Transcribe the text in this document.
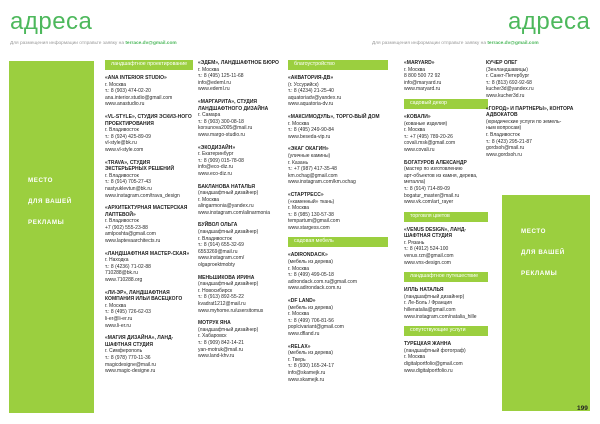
адреса	адреса
Для размещения информации отправьте заявку на terrace.dv@gmail.com	Для размещения информации отправьте заявку на terrace.dv@gmail.com
МЕСТО
ДЛЯ ВАШЕЙ
РЕКЛАМЫ
МЕСТО
ДЛЯ ВАШЕЙ
РЕКЛАМЫ
ландшафтное проектирование
«ANA INTERIOR STUDIO»
г. Москва
т.: 8 (903) 474-02-20
ana.interior.studio@gmail.com
www.anastudio.ru
«VL-STYLE», СТУДИЯ ЭСКИЗ-НОГО ПРОЕКТИРОВАНИЯ
г. Владивосток
т.: 8 (924) 425-89-09
vl-style@bk.ru
www.vl-style.com
«TRAVA», СТУДИЯ ЭКСТЕРЬЕРНЫХ РЕШЕНИЙ
г. Владивосток
т.: 8 (914) 705-27-43
nastyuklevtun@bk.ru
www.instagram.com/trava_design
«АРХИТЕКТУРНАЯ МАСТЕРСКАЯ ЛАПТЕВОЙ»
г. Владивосток
+7 (902) 555-23-88
amlposhta@gmail.com
www.laptevaarchitects.ru
«ЛАНДШАФТНАЯ МАСТЕР-СКАЯ»
г. Находка
т.: 8 (4236) 71-02-88
710288@bk.ru
www.710288.org
«ЛИ-ЭР», ЛАНДШАФТНАЯ КОМПАНИЯ ИЛЬИ ВАСЕЦКОГО
г. Москва
т.: 8 (495) 726-62-03
li-er@li-er.ru
www.li-er.ru
«МАГИЯ ДИЗАЙНА», ЛАНД-ШАФТНАЯ СТУДИЯ
г. Симферополь
т.: 8 (978) 770-11-36
magicdesigne@mail.ru
www.magic-designe.ru
«ЭДЕМ», ЛАНДШАФТНОЕ БЮРО
г. Москва
т.: 8 (495) 125-11-68
info@edemI.ru
www.edemI.ru
«МАРГАРИТА», СТУДИЯ ЛАНДШАФТНОГО ДИЗАЙНА
г. Самара
т.: 8 (903) 300-08-18
korsunova2005@mail.ru
www.margo-studio.ru
«ЭКОДИЗАЙН»
г. Екатеринбург
т.: 8 (909) 015-78-08
info@eco-diz.ru
www.eco-diz.ru
БАКЛАНОВА НАТАЛЬЯ
(ландшафтный дизайнер)
г. Москва
alingarmonia@yandex.ru
www.instagram.com/alinarmonia
БУЙВОЛ ОЛЬГА
(ландшафтный дизайнер)
г. Владивосток
т.: 8 (914) 655-32-69
6553269@mail.ru
www.instagram.com/
olgaproektmobty
МЕНЬШИКОВА ИРИНА
(ландшафтный дизайнер)
г. Новосибирск
т.: 8 (913) 892-55-22
kvadrat1212@mail.ru
www.myhome.ru/usersitomus
МОТРУК ЯНА
(ландшафтный дизайнер)
г. Хабаровск
т.: 8 (909) 842-14-21
yan-motruk@mail.ru
www.land-khv.ru
благоустройство
«АКВАТОРИЯ-ДВ»
(г. Уссурийск)
т.: 8 (4234) 21-25-40
aquatoriadv@yandex.ru
www.aquatoria-dv.ru
«МАКСИМОДУЛЬ», ТОРГО-ВЫЙ ДОМ
г. Москва
т.: 8 (495) 249-90-84
www.beseda-vip.ru
«ЭКАГ ОКАГИН»
(уличные камины)
г. Казань
т.: +7 (987) 417-35-48
km.ochag@gmail.com
www.instagram.com/km.ochag
«СТАРТРЕСС»
(«каменный» ткань)
г. Москва
т.: 8 (985) 130-57-38
tempartum@gmail.com
www.stargess.com
садовая мебель
«ADIRONDACK»
(мебель из дерева)
г. Москва
т.: 8 (499) 499-05-18
adirondack.com.ru@gmail.com
www.adirondack.com.ru
«DF LAND»
(мебель из дерева)
г. Москва
т.: 8 (499) 706-81-56
poplcivariant@gmail.com
www.dfland.ru
«RELAX»
(мебель из дерева)
г. Тверь
т.: 8 (930) 165-24-17
info@skamejk.ru
www.skamejk.ru
«MARYARD»
г. Москва
8 800 500 72 92
info@maryard.ru
www.maryard.ru
садовый декор
«КОВАЛИ»
(кованые изделия)
г. Москва
т.: +7 (495) 789-20-26
covali.msk@gmail.com
www.covali.ru
БОГАТУРОВ АЛЕКСАНДР
(мастер по изготовлению
арт-объектов из камня, дерева,
металла)
т.: 8 (914) 714-89-09
bogatur_master@mail.ru
www.vk.com/art_rayer
торговля цветов
«VENUS DESIGN», ЛАНД-ШАФТНАЯ СТУДИЯ
г. Рязань
т.: 8 (4912) 524-100
venus.rzn@gmail.com
www.vns-design.com
ландшафтное путешествие
ИЛЛЬ НАТАЛЬЯ
(ландшафтный дизайнер)
г. Ле-Боль / Франция
hillenatalia@gmail.com
www.instagram.com/natalia_hille
сопутствующие услуги
ТУРЕЦКАЯ ЖАННА
(ландшафтный фотограф)
г. Москва
digitalportfolio@gmail.com
www.digitalportfolio.ru
КУЧЕР ОЛЕГ
(Зенландшавицы)
г. Санкт-Петербург
т.: 8 (813) 692-92-68
kucher3d@yandex.ru
www.kucher3d.ru
«ГОРОД» И ПАРТНЕРЫ», КОНТОРА АДВОКАТОВ
(юридические услуги по земель-
ным вопросам)
г. Владивосток
т.: 8 (423) 295-21-87
gordsoh@mail.ru
www.gordsoh.ru
199
